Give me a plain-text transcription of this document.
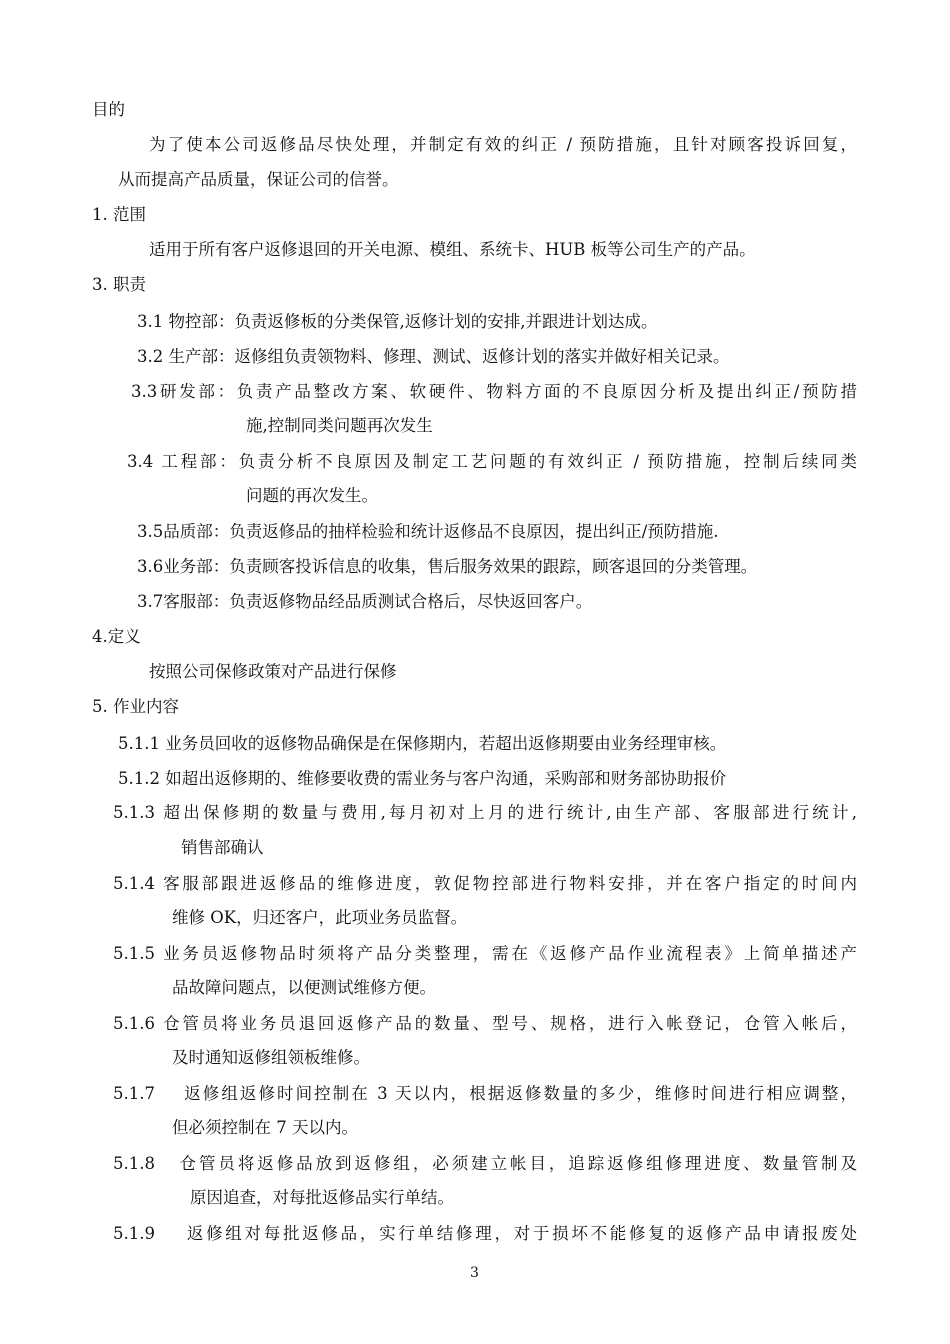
目的
为了使本公司返修品尽快处理，并制定有效的纠正 / 预防措施，且针对顾客投诉回复，
从而提高产品质量，保证公司的信誉。
1. 范围
适用于所有客户返修退回的开关电源、模组、系统卡、HUB 板等公司生产的产品。
3. 职责
3.1 物控部：负责返修板的分类保管,返修计划的安排,并跟进计划达成。
3.2 生产部：返修组负责领物料、修理、测试、返修计划的落实并做好相关记录。
3.3研发部：负责产品整改方案、软硬件、物料方面的不良原因分析及提出纠正/预防措
施,控制同类问题再次发生
3.4 工程部：负责分析不良原因及制定工艺问题的有效纠正 / 预防措施，控制后续同类
问题的再次发生。
3.5品质部：负责返修品的抽样检验和统计返修品不良原因，提出纠正/预防措施.
3.6业务部：负责顾客投诉信息的收集，售后服务效果的跟踪，顾客退回的分类管理。
3.7客服部：负责返修物品经品质测试合格后，尽快返回客户。
4.定义
按照公司保修政策对产品进行保修
5. 作业内容
5.1.1 业务员回收的返修物品确保是在保修期内，若超出返修期要由业务经理审核。
5.1.2 如超出返修期的、维修要收费的需业务与客户沟通，采购部和财务部协助报价
5.1.3 超出保修期的数量与费用,每月初对上月的进行统计,由生产部、客服部进行统计,
销售部确认
5.1.4 客服部跟进返修品的维修进度，敦促物控部进行物料安排，并在客户指定的时间内
维修 OK，归还客户，此项业务员监督。
5.1.5 业务员返修物品时须将产品分类整理，需在《返修产品作业流程表》上简单描述产
品故障问题点，以便测试维修方便。
5.1.6 仓管员将业务员退回返修产品的数量、型号、规格，进行入帐登记，仓管入帐后，
及时通知返修组领板维修。
5.1.7    返修组返修时间控制在 3 天以内，根据返修数量的多少，维修时间进行相应调整，
但必须控制在 7 天以内。
5.1.8   仓管员将返修品放到返修组，必须建立帐目，追踪返修组修理进度、数量管制及
原因追查，对每批返修品实行单结。
5.1.9    返修组对每批返修品，实行单结修理，对于损坏不能修复的返修产品申请报废处
3
